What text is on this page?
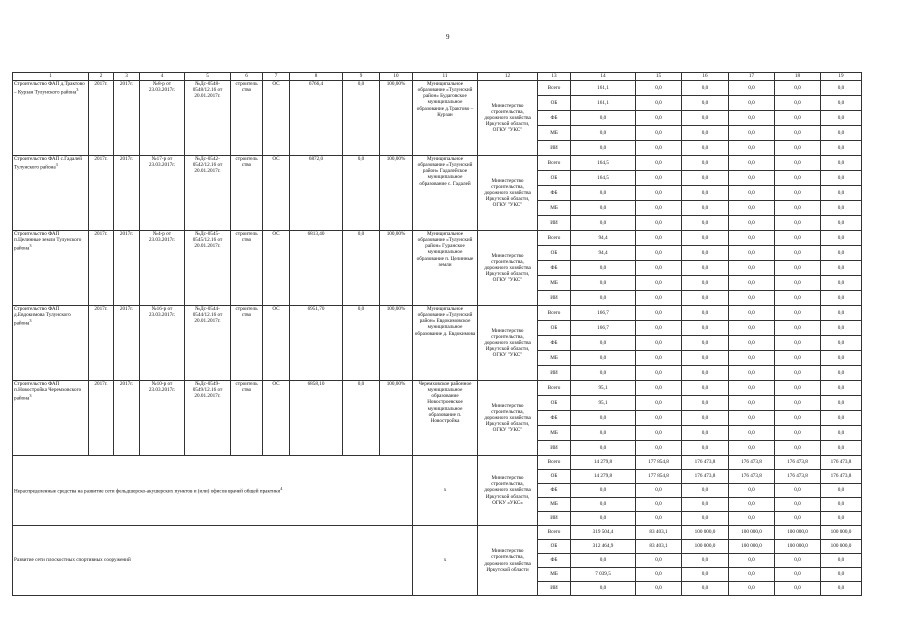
9
1	2	3	4	5	6	7	8	9	10	11	12	13	14	15	16	17	18	19
Строительство ФАП д.Трактово – Курзан Тулунского района$^3$	2017г.	2017г.	№8-р от 23.03.2017г.	№Дс-0548-0548/12.16 от 20.01.2017г.	строитель ство	ОС	6766,4	0,0	100,00%	Муниципальное образование «Тулунский район» Будаговское муниципальное образование д.Трактово – Курзан	Министерство строительства, дорожного хозяйства Иркутской области, ОГКУ "УКС"	Всего	161,1	0,0	0,0	0,0	0,0	0,0
												ОБ	161,1	0,0	0,0	0,0	0,0	0,0
												ФБ	0,0	0,0	0,0	0,0	0,0	0,0
												МБ	0,0	0,0	0,0	0,0	0,0	0,0
												ИИ	0,0	0,0	0,0	0,0	0,0	0,0
Строительство ФАП с.Гадалей Тулунского района$^3$	2017г.	2017г.	№17-р от 23.03.2017г.	№Дс-0542-0542/12.16 от 20.01.2017г.	строитель ство	ОС	6872,0	0,0	100,00%	Муниципальное образование «Тулунский район» Гадалейское муниципальное образование с. Гадалей	Министерство строительства, дорожного хозяйства Иркутской области, ОГКУ "УКС"	Всего	164,5	0,0	0,0	0,0	0,0	0,0
												ОБ	164,5	0,0	0,0	0,0	0,0	0,0
												ФБ	0,0	0,0	0,0	0,0	0,0	0,0
												МБ	0,0	0,0	0,0	0,0	0,0	0,0
												ИИ	0,0	0,0	0,0	0,0	0,0	0,0
Строительство ФАП п.Целинные земли Тулунского района$^3$	2017г.	2017г.	№4-р от 23.03.2017г.	№Дс-0545-0545/12.16 от 20.01.2017г.	строитель ство	ОС	6813,40	0,0	100,00%	Муниципальное образование «Тулунский район» Гуранское муниципальное образование п. Целинные земли	Министерство строительства, дорожного хозяйства Иркутской области, ОГКУ "УКС"	Всего	94,4	0,0	0,0	0,0	0,0	0,0
												ОБ	94,4	0,0	0,0	0,0	0,0	0,0
												ФБ	0,0	0,0	0,0	0,0	0,0	0,0
												МБ	0,0	0,0	0,0	0,0	0,0	0,0
												ИИ	0,0	0,0	0,0	0,0	0,0	0,0
Строительство ФАП д.Евдокимова Тулунского района$^3$	2017г.	2017г.	№16-р от 23.03.2017г.	№Дс-0544-0544/12.16 от 20.01.2017г.	строитель ство	ОС	6951,70	0,0	100,00%	Муниципальное образование «Тулунский район» Евдокимовское муниципальное образование д. Евдокимова	Министерство строительства, дорожного хозяйства Иркутской области, ОГКУ "УКС"	Всего	166,7	0,0	0,0	0,0	0,0	0,0
												ОБ	166,7	0,0	0,0	0,0	0,0	0,0
												ФБ	0,0	0,0	0,0	0,0	0,0	0,0
												МБ	0,0	0,0	0,0	0,0	0,0	0,0
												ИИ	0,0	0,0	0,0	0,0	0,0	0,0
Строительство ФАП п.Новостройка Черемховского района$^3$	2017г.	2017г.	№10-р от 23.03.2017г.	№Дс-0549-0549/12.16 от 20.01.2017г.	строитель ство	ОС	6858,10	0,0	100,00%	Черемховское районное муниципальное образование Новостроевское муниципальное образование п. Новостройка	Министерство строительства, дорожного хозяйства Иркутской области, ОГКУ "УКС"	Всего	95,1	0,0	0,0	0,0	0,0	0,0
												ОБ	95,1	0,0	0,0	0,0	0,0	0,0
												ФБ	0,0	0,0	0,0	0,0	0,0	0,0
												МБ	0,0	0,0	0,0	0,0	0,0	0,0
												ИИ	0,0	0,0	0,0	0,0	0,0	0,0
Нераспределенные средства на развитие сети фельдшерско-акушерских пунктов и (или) офисов врачей общей практики$^4$										х	Министерство строительства, дорожного хозяйства Иркутской области, ОГКУ «УКС»	Всего	14 279,8	177 854,8	176 473,8	176 473,8	176 473,8	176 473,8
												ОБ	14 279,8	177 854,8	176 473,8	176 473,8	176 473,8	176 473,8
												ФБ	0,0	0,0	0,0	0,0	0,0	0,0
												МБ	0,0	0,0	0,0	0,0	0,0	0,0
												ИИ	0,0	0,0	0,0	0,0	0,0	0,0
Развитие сети плоскостных спортивных сооружений										х	Министерство строительства, дорожного хозяйства Иркутской области	Всего	319 504,4	83 403,1	100 000,0	100 000,0	100 000,0	100 000,0
												ОБ	312 464,9	83 403,1	100 000,0	100 000,0	100 000,0	100 000,0
												ФБ	0,0	0,0	0,0	0,0	0,0	0,0
												МБ	7 039,5	0,0	0,0	0,0	0,0	0,0
												ИИ	0,0	0,0	0,0	0,0	0,0	0,0
